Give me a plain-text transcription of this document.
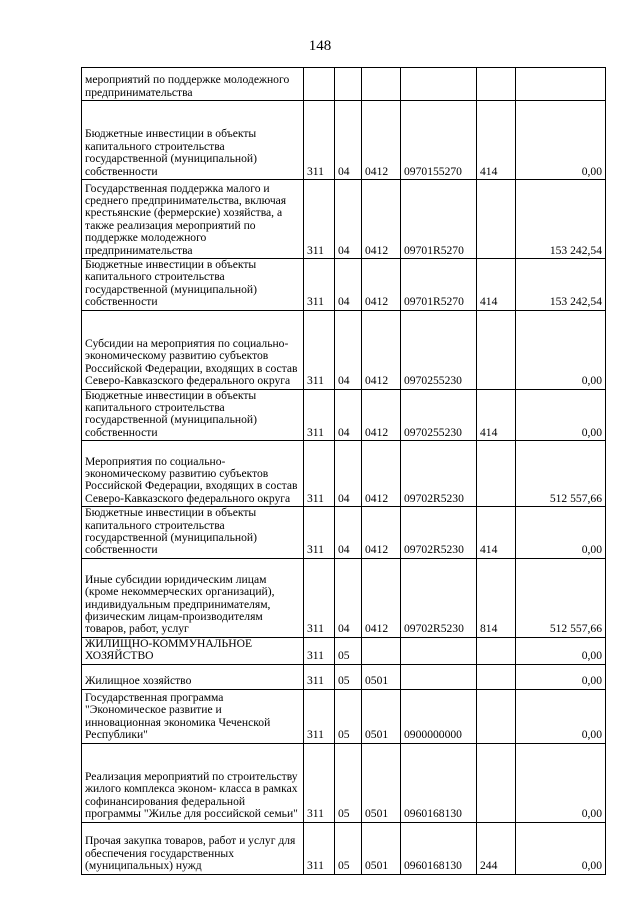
148
мероприятий по поддержке молодежного предпринимательства						
Бюджетные инвестиции в объекты капитального строительства государственной (муниципальной) собственности	311	04	0412	0970155270	414	0,00
Государственная поддержка малого и среднего предпринимательства, включая крестьянские (фермерские) хозяйства, а также реализация мероприятий по поддержке молодежного предпринимательства	311	04	0412	09701R5270		153 242,54
Бюджетные инвестиции в объекты капитального строительства государственной (муниципальной) собственности	311	04	0412	09701R5270	414	153 242,54
Субсидии на мероприятия по социально-экономическому развитию субъектов Российской Федерации, входящих в состав Северо-Кавказского федерального округа	311	04	0412	0970255230		0,00
Бюджетные инвестиции в объекты капитального строительства государственной (муниципальной) собственности	311	04	0412	0970255230	414	0,00
Мероприятия по социально-экономическому развитию субъектов Российской Федерации, входящих в состав Северо-Кавказского федерального округа	311	04	0412	09702R5230		512 557,66
Бюджетные инвестиции в объекты капитального строительства государственной (муниципальной) собственности	311	04	0412	09702R5230	414	0,00
Иные субсидии юридическим лицам (кроме некоммерческих организаций), индивидуальным предпринимателям, физическим лицам-производителям товаров, работ, услуг	311	04	0412	09702R5230	814	512 557,66
ЖИЛИЩНО-КОММУНАЛЬНОЕ ХОЗЯЙСТВО	311	05				0,00
Жилищное хозяйство	311	05	0501			0,00
Государственная программа "Экономическое развитие и инновационная экономика Чеченской Республики"	311	05	0501	0900000000		0,00
Реализация мероприятий по строительству жилого комплекса эконом- класса в рамках софинансирования федеральной программы "Жилье для российской семьи"	311	05	0501	0960168130		0,00
Прочая закупка товаров, работ и услуг для обеспечения государственных (муниципальных) нужд	311	05	0501	0960168130	244	0,00
